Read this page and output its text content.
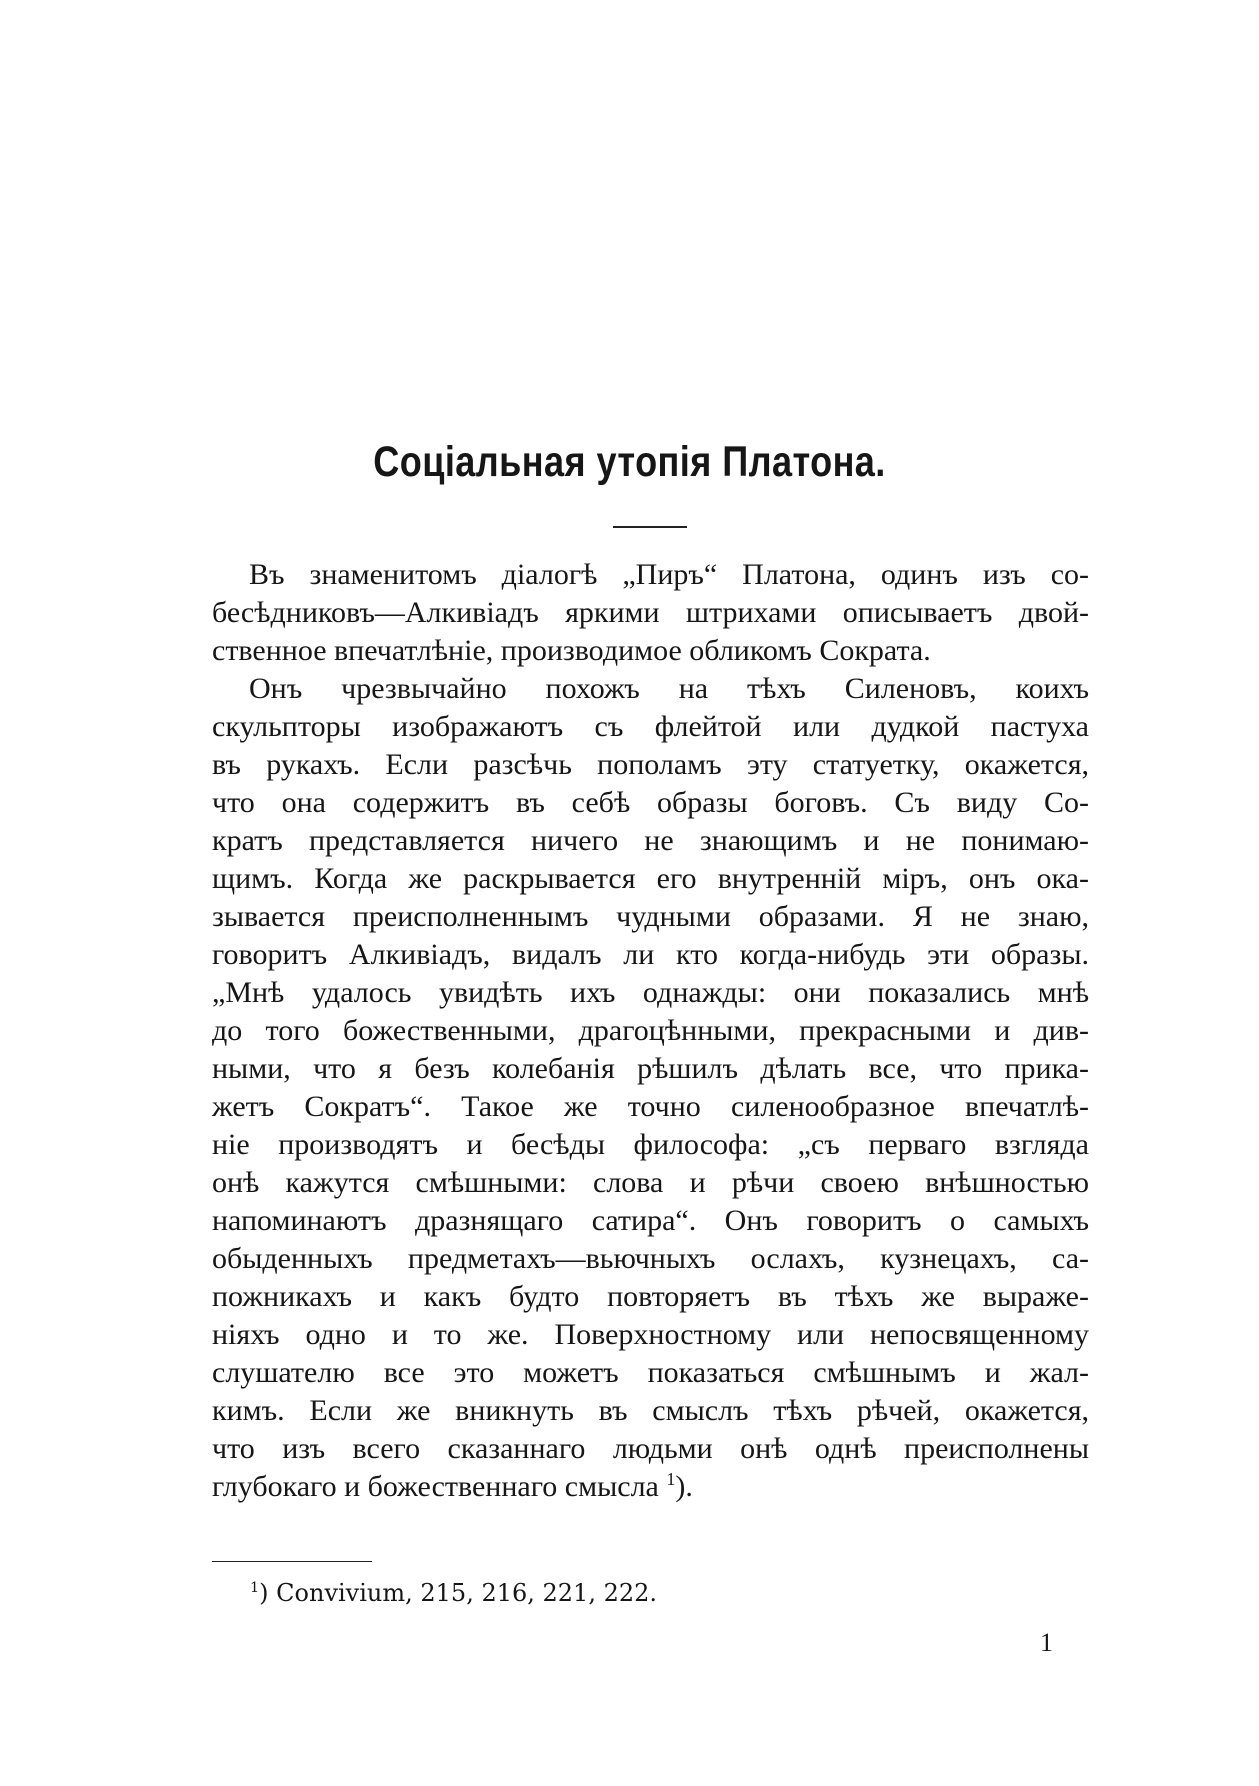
Соціальная утопія Платона.
Въ знаменитомъ діалогѣ „Пиръ“ Платона, одинъ изъ со-
бесѣдниковъ—Алкивіадъ яркими штрихами описываетъ двой-
ственное впечатлѣніе, производимое обликомъ Сократа.
Онъ чрезвычайно похожъ на тѣхъ Силеновъ, коихъ
скульпторы изображаютъ съ флейтой или дудкой пастуха
въ рукахъ. Если разсѣчь пополамъ эту статуетку, окажется,
что она содержитъ въ себѣ образы боговъ. Съ виду Со-
кратъ представляется ничего не знающимъ и не понимаю-
щимъ. Когда же раскрывается его внутренній міръ, онъ ока-
зывается преисполненнымъ чудными образами. Я не знаю,
говоритъ Алкивіадъ, видалъ ли кто когда-нибудь эти образы.
„Мнѣ удалось увидѣть ихъ однажды: они показались мнѣ
до того божественными, драгоцѣнными, прекрасными и див-
ными, что я безъ колебанія рѣшилъ дѣлать все, что прика-
жетъ Сократъ“. Такое же точно силенообразное впечатлѣ-
ніе производятъ и бесѣды философа: „съ перваго взгляда
онѣ кажутся смѣшными: слова и рѣчи своею внѣшностью
напоминаютъ дразнящаго сатира“. Онъ говоритъ о самыхъ
обыденныхъ предметахъ—вьючныхъ ослахъ, кузнецахъ, са-
пожникахъ и какъ будто повторяетъ въ тѣхъ же выраже-
ніяхъ одно и то же. Поверхностному или непосвященному
слушателю все это можетъ показаться смѣшнымъ и жал-
кимъ. Если же вникнуть въ смыслъ тѣхъ рѣчей, окажется,
что изъ всего сказаннаго людьми онѣ однѣ преисполнены
глубокаго и божественнаго смысла $^1$).
$^1$) Convivium, 215, 216, 221, 222.
1
